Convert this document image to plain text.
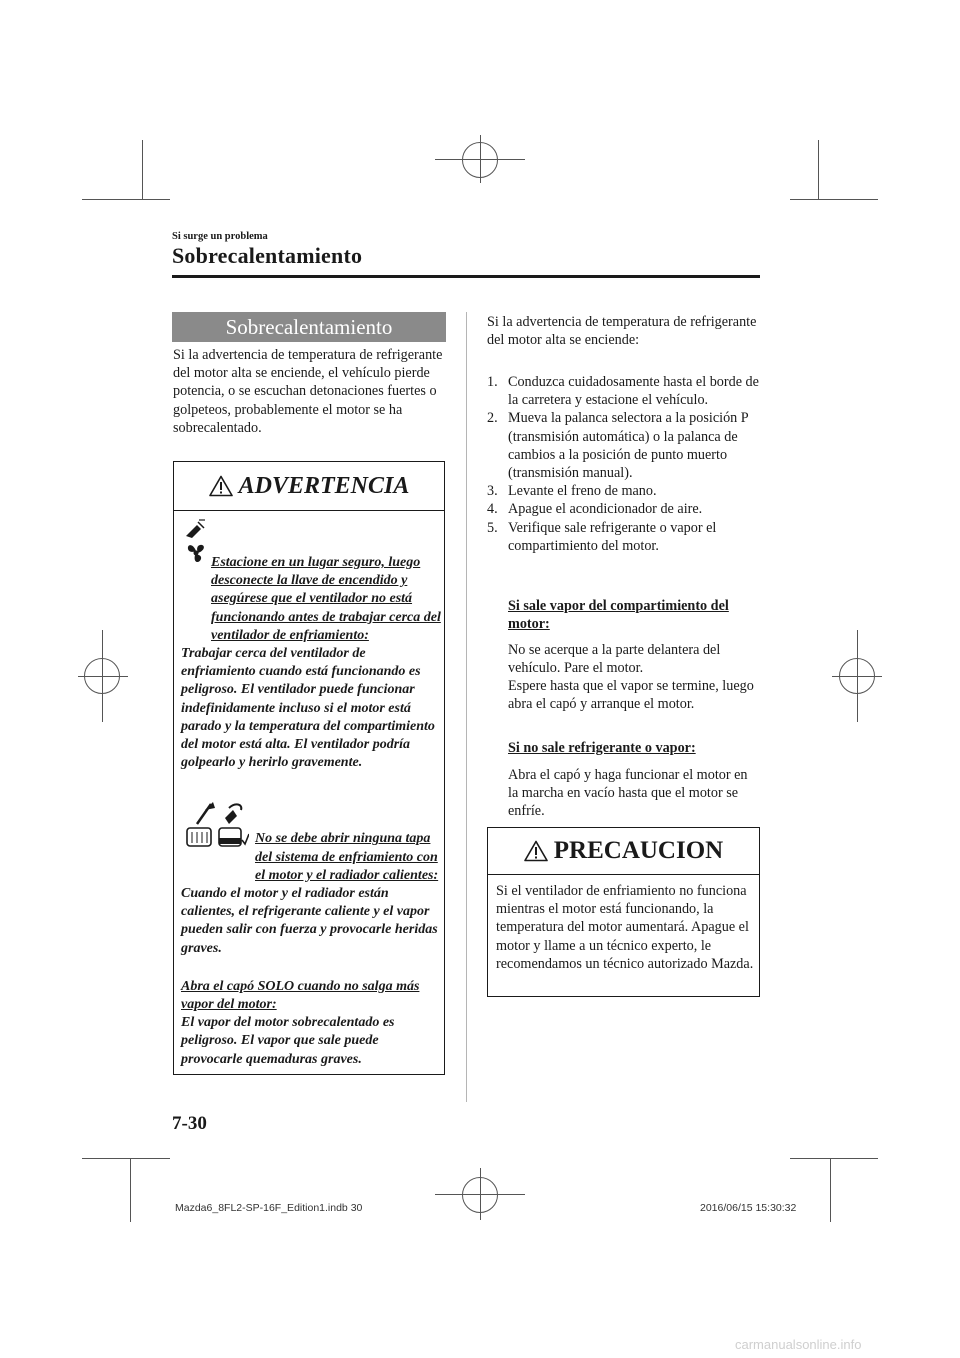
Si surge un problema
Sobrecalentamiento
Sobrecalentamiento

Si la advertencia de temperatura de refrigerante del motor alta se enciende, el vehículo pierde potencia, o se escuchan detonaciones fuertes o golpeteos, probablemente el motor se ha sobrecalentado.

ADVERTENCIA

Estacione en un lugar seguro, luego desconecte la llave de encendido y asegúrese que el ventilador no está funcionando antes de trabajar cerca del ventilador de enfriamiento:

Trabajar cerca del ventilador de enfriamiento cuando está funcionando es peligroso. El ventilador puede funcionar indefinidamente incluso si el motor está parado y la temperatura del compartimiento del motor está alta. El ventilador podría golpearlo y herirlo gravemente.

No se debe abrir ninguna tapa del sistema de enfriamiento con el motor y el radiador calientes:

Cuando el motor y el radiador están calientes, el refrigerante caliente y el vapor pueden salir con fuerza y provocarle heridas graves.

Abra el capó SOLO cuando no salga más vapor del motor:

El vapor del motor sobrecalentado es peligroso. El vapor que sale puede provocarle quemaduras graves.

Si la advertencia de temperatura de refrigerante del motor alta se enciende:

1. Conduzca cuidadosamente hasta el borde de la carretera y estacione el vehículo.
2. Mueva la palanca selectora a la posición P (transmisión automática) o la palanca de cambios a la posición de punto muerto (transmisión manual).
3. Levante el freno de mano.
4. Apague el acondicionador de aire.
5. Verifique sale refrigerante o vapor el compartimiento del motor.

Si sale vapor del compartimiento del motor:

No se acerque a la parte delantera del vehículo. Pare el motor.

Espere hasta que el vapor se termine, luego abra el capó y arranque el motor.

Si no sale refrigerante o vapor:

Abra el capó y haga funcionar el motor en la marcha en vacío hasta que el motor se enfríe.

PRECAUCION

Si el ventilador de enfriamiento no funciona mientras el motor está funcionando, la temperatura del motor aumentará. Apague el motor y llame a un técnico experto, le recomendamos un técnico autorizado Mazda.

7-30
Mazda6_8FL2-SP-16F_Edition1.indb 30	2016/06/15 15:30:32
carmanualsonline.info
